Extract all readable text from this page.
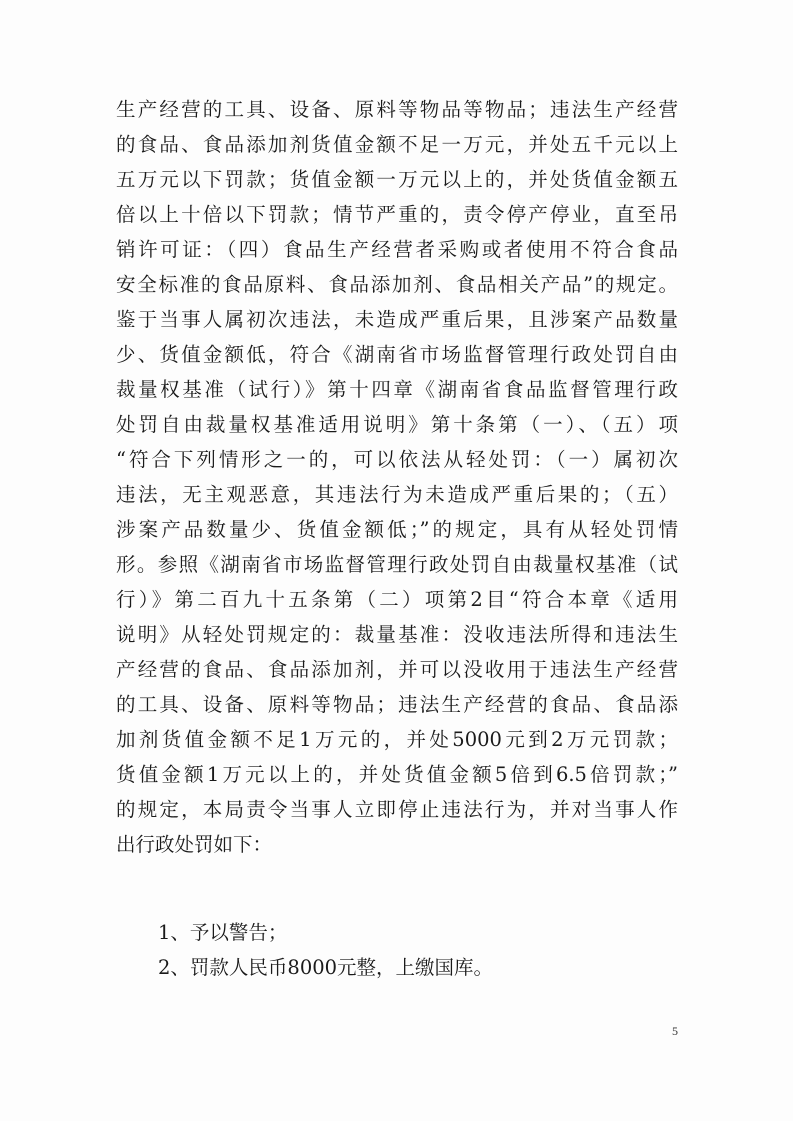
生产经营的工具、设备、原料等物品等物品；违法生产经营
的食品、食品添加剂货值金额不足一万元，并处五千元以上
五万元以下罚款；货值金额一万元以上的，并处货值金额五
倍以上十倍以下罚款；情节严重的，责令停产停业，直至吊
销许可证：（四）食品生产经营者采购或者使用不符合食品
安全标准的食品原料、食品添加剂、食品相关产品”的规定。
鉴于当事人属初次违法，未造成严重后果，且涉案产品数量
少、货值金额低，符合《湖南省市场监督管理行政处罚自由
裁量权基准（试行）》第十四章《湖南省食品监督管理行政
处罚自由裁量权基准适用说明》第十条第（一）、（五）项
“符合下列情形之一的，可以依法从轻处罚：（一）属初次
违法，无主观恶意，其违法行为未造成严重后果的；（五）
涉案产品数量少、货值金额低；”的规定，具有从轻处罚情
形。参照《湖南省市场监督管理行政处罚自由裁量权基准（试
行）》第二百九十五条第（二）项第2目“符合本章《适用
说明》从轻处罚规定的：裁量基准：没收违法所得和违法生
产经营的食品、食品添加剂，并可以没收用于违法生产经营
的工具、设备、原料等物品；违法生产经营的食品、食品添
加剂货值金额不足1万元的，并处5000元到2万元罚款；
货值金额1万元以上的，并处货值金额5倍到6.5倍罚款；”
的规定，本局责令当事人立即停止违法行为，并对当事人作
出行政处罚如下：
1、予以警告；
2、罚款人民币8000元整，上缴国库。
5
